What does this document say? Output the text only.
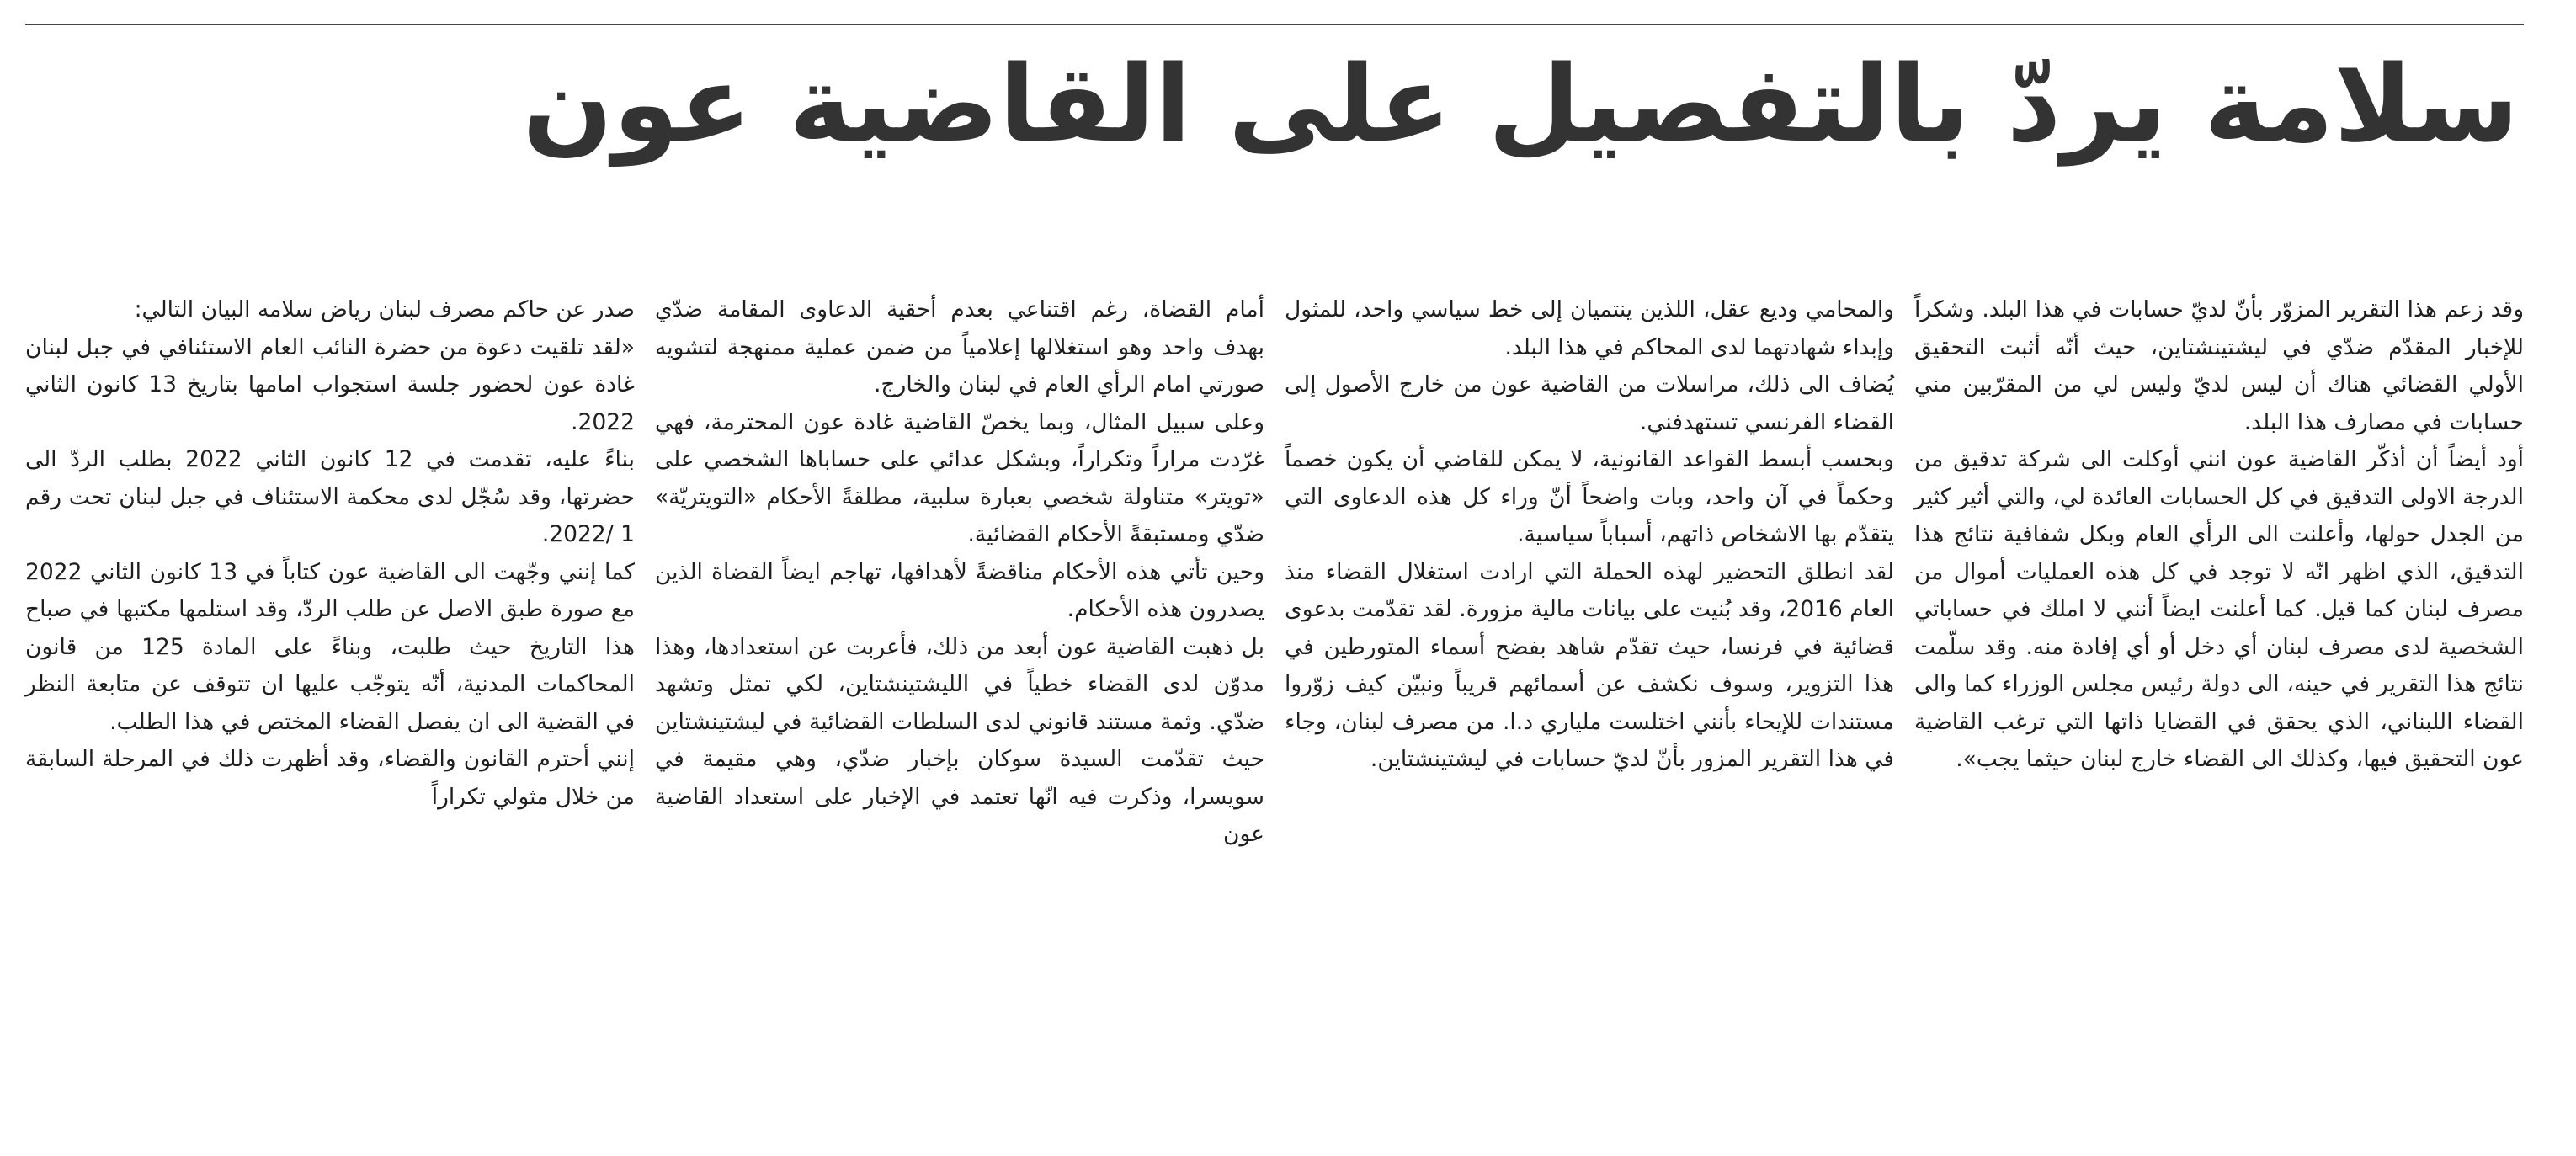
سلامة يردّ بالتفصيل على القاضية عون

صدر عن حاكم مصرف لبنان رياض سلامه البيان التالي:
«لقد تلقيت دعوة من حضرة النائب العام الاستئنافي في جبل لبنان غادة عون لحضور جلسة استجواب امامها بتاريخ 13 كانون الثاني 2022.
بناءً عليه، تقدمت في 12 كانون الثاني 2022 بطلب الردّ الى حضرتها، وقد سُجّل لدى محكمة الاستئناف في جبل لبنان تحت رقم 1 /2022.
كما إنني وجّهت الى القاضية عون كتاباً في 13 كانون الثاني 2022 مع صورة طبق الاصل عن طلب الردّ، وقد استلمها مكتبها في صباح هذا التاريخ حيث طلبت، وبناءً على المادة 125 من قانون المحاكمات المدنية، أنّه يتوجّب عليها ان تتوقف عن متابعة النظر في القضية الى ان يفصل القضاء المختص في هذا الطلب.
إنني أحترم القانون والقضاء، وقد أظهرت ذلك في المرحلة السابقة من خلال مثولي تكراراً

أمام القضاة، رغم اقتناعي بعدم أحقية الدعاوى المقامة ضدّي بهدف واحد وهو استغلالها إعلامياً من ضمن عملية ممنهجة لتشويه صورتي امام الرأي العام في لبنان والخارج.
وعلى سبيل المثال، وبما يخصّ القاضية غادة عون المحترمة، فهي غرّدت مراراً وتكراراً، وبشكل عدائي على حساباها الشخصي على «تويتر» متناولة شخصي بعبارة سلبية، مطلقةً الأحكام «التويتريّة» ضدّي ومستبقةً الأحكام القضائية.
وحين تأتي هذه الأحكام مناقضةً لأهدافها، تهاجم ايضاً القضاة الذين يصدرون هذه الأحكام.
بل ذهبت القاضية عون أبعد من ذلك، فأعربت عن استعدادها، وهذا مدوّن لدى القضاء خطياً في الليشتينشتاين، لكي تمثل وتشهد ضدّي. وثمة مستند قانوني لدى السلطات القضائية في ليشتينشتاين حيث تقدّمت السيدة سوكان بإخبار ضدّي، وهي مقيمة في سويسرا، وذكرت فيه انّها تعتمد في الإخبار على استعداد القاضية عون

والمحامي وديع عقل، اللذين ينتميان إلى خط سياسي واحد، للمثول وإبداء شهادتهما لدى المحاكم في هذا البلد.
يُضاف الى ذلك، مراسلات من القاضية عون من خارج الأصول إلى القضاء الفرنسي تستهدفني.
وبحسب أبسط القواعد القانونية، لا يمكن للقاضي أن يكون خصماً وحكماً في آن واحد، وبات واضحاً أنّ وراء كل هذه الدعاوى التي يتقدّم بها الاشخاص ذاتهم، أسباباً سياسية.
لقد انطلق التحضير لهذه الحملة التي ارادت استغلال القضاء منذ العام 2016، وقد بُنيت على بيانات مالية مزورة. لقد تقدّمت بدعوى قضائية في فرنسا، حيث تقدّم شاهد بفضح أسماء المتورطين في هذا التزوير، وسوف نكشف عن أسمائهم قريباً ونبيّن كيف زوّروا مستندات للإيحاء بأنني اختلست ملياري د.ا. من مصرف لبنان، وجاء في هذا التقرير المزور بأنّ لديّ حسابات في ليشتينشتاين.

وقد زعم هذا التقرير المزوّر بأنّ لديّ حسابات في هذا البلد. وشكراً للإخبار المقدّم ضدّي في ليشتينشتاين، حيث أنّه أثبت التحقيق الأولي القضائي هناك أن ليس لديّ وليس لي من المقرّبين مني حسابات في مصارف هذا البلد.
أود أيضاً أن أذكّر القاضية عون انني أوكلت الى شركة تدقيق من الدرجة الاولى التدقيق في كل الحسابات العائدة لي، والتي أثير كثير من الجدل حولها، وأعلنت الى الرأي العام وبكل شفافية نتائج هذا التدقيق، الذي اظهر انّه لا توجد في كل هذه العمليات أموال من مصرف لبنان كما قيل. كما أعلنت ايضاً أنني لا املك في حساباتي الشخصية لدى مصرف لبنان أي دخل أو أي إفادة منه. وقد سلّمت نتائج هذا التقرير في حينه، الى دولة رئيس مجلس الوزراء كما والى القضاء اللبناني، الذي يحقق في القضايا ذاتها التي ترغب القاضية عون التحقيق فيها، وكذلك الى القضاء خارج لبنان حيثما يجب».
